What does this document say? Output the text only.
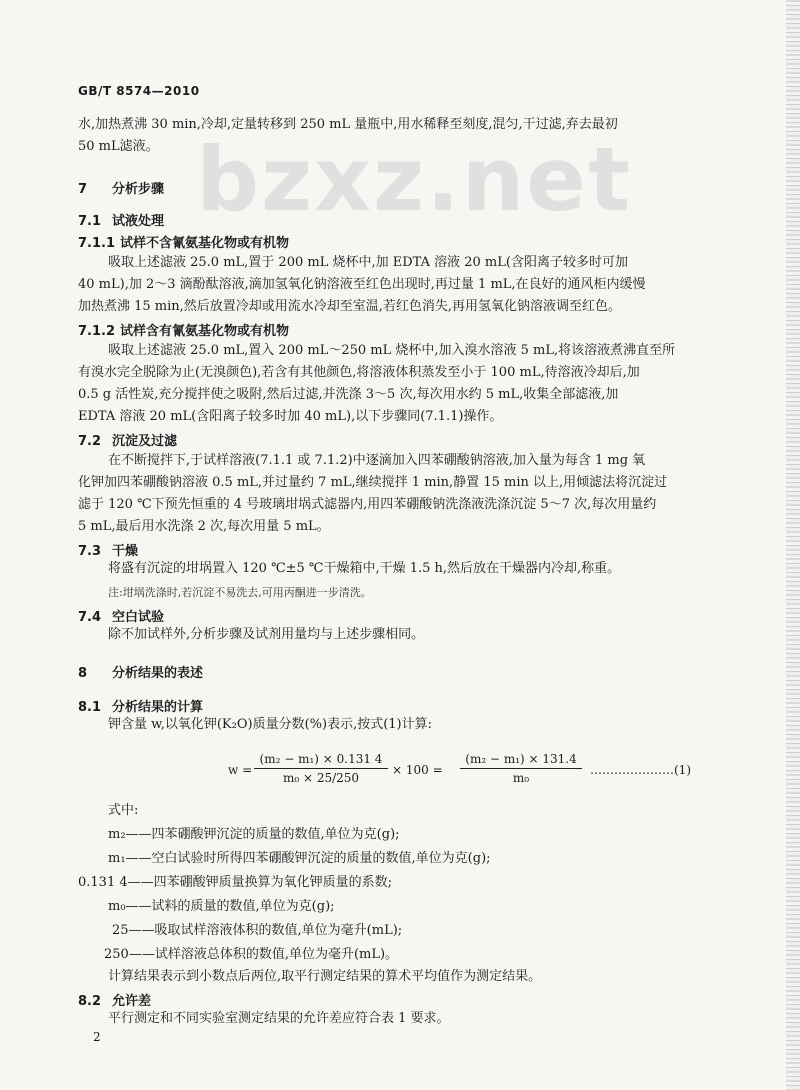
GB/T 8574—2010
bzxz.net
水,加热煮沸 30 min,冷却,定量转移到 250 mL 量瓶中,用水稀释至刻度,混匀,干过滤,弃去最初
50 mL滤液。
7 分析步骤
7.1 试液处理
7.1.1 试样不含氰氨基化物或有机物
吸取上述滤液 25.0 mL,置于 200 mL 烧杯中,加 EDTA 溶液 20 mL(含阳离子较多时可加
40 mL),加 2～3 滴酚酞溶液,滴加氢氧化钠溶液至红色出现时,再过量 1 mL,在良好的通风柜内缓慢
加热煮沸 15 min,然后放置冷却或用流水冷却至室温,若红色消失,再用氢氧化钠溶液调至红色。
7.1.2 试样含有氰氨基化物或有机物
吸取上述滤液 25.0 mL,置入 200 mL～250 mL 烧杯中,加入溴水溶液 5 mL,将该溶液煮沸直至所
有溴水完全脱除为止(无溴颜色),若含有其他颜色,将溶液体积蒸发至小于 100 mL,待溶液冷却后,加
0.5 g 活性炭,充分搅拌使之吸附,然后过滤,并洗涤 3～5 次,每次用水约 5 mL,收集全部滤液,加
EDTA 溶液 20 mL(含阳离子较多时加 40 mL),以下步骤同(7.1.1)操作。
7.2 沉淀及过滤
在不断搅拌下,于试样溶液(7.1.1 或 7.1.2)中逐滴加入四苯硼酸钠溶液,加入量为每含 1 mg 氧
化钾加四苯硼酸钠溶液 0.5 mL,并过量约 7 mL,继续搅拌 1 min,静置 15 min 以上,用倾滤法将沉淀过
滤于 120 ℃下预先恒重的 4 号玻璃坩埚式滤器内,用四苯硼酸钠洗涤液洗涤沉淀 5～7 次,每次用量约
5 mL,最后用水洗涤 2 次,每次用量 5 mL。
7.3 干燥
将盛有沉淀的坩埚置入 120 ℃±5 ℃干燥箱中,干燥 1.5 h,然后放在干燥器内冷却,称重。
注:坩埚洗涤时,若沉淀不易洗去,可用丙酮进一步清洗。
7.4 空白试验
除不加试样外,分析步骤及试剂用量均与上述步骤相同。
8 分析结果的表述
8.1 分析结果的计算
钾含量 w,以氧化钾(K₂O)质量分数(%)表示,按式(1)计算:
$w = \frac{\text{(m₂ − m₁) × 0.131 4}}{\text{m₀ × 25/250}} \times 100 = \frac{\text{(m₂ − m₁) × 131.4}}{\text{m₀}}$ …………………(1)
式中:
m₂——四苯硼酸钾沉淀的质量的数值,单位为克(g);
m₁——空白试验时所得四苯硼酸钾沉淀的质量的数值,单位为克(g);
0.131 4——四苯硼酸钾质量换算为氧化钾质量的系数;
m₀——试料的质量的数值,单位为克(g);
25——吸取试样溶液体积的数值,单位为毫升(mL);
250——试样溶液总体积的数值,单位为毫升(mL)。
计算结果表示到小数点后两位,取平行测定结果的算术平均值作为测定结果。
8.2 允许差
平行测定和不同实验室测定结果的允许差应符合表 1 要求。
2
